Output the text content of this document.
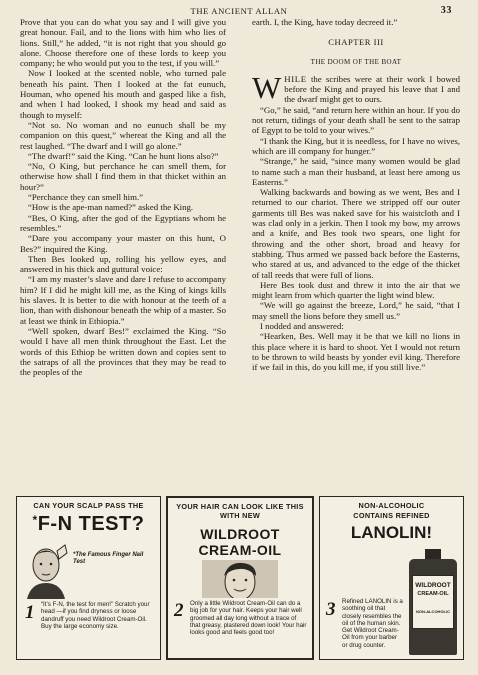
THE ANCIENT ALLAN	33

Prove that you can do what you say and I will give you great honour. Fail, and to the lions with him who lies of lions. Still,” he added, “it is not right that you should go alone. Choose therefore one of these lords to keep you company; he who would put you to the test, if you will.”

Now I looked at the scented noble, who turned pale beneath his paint. Then I looked at the fat eunuch, Houman, who opened his mouth and gasped like a fish, and when I had looked, I shook my head and said as though to myself:

“Not so. No woman and no eunuch shall be my companion on this quest,” whereat the King and all the rest laughed. “The dwarf and I will go alone.”

“The dwarf!” said the King. “Can he hunt lions also?”

“No, O King, but perchance he can smell them, for otherwise how shall I find them in that thicket within an hour?”

“Perchance they can smell him.”

“How is the ape-man named?” asked the King.

“Bes, O King, after the god of the Egyptians whom he resembles.”

“Dare you accompany your master on this hunt, O Bes?” inquired the King.

Then Bes looked up, rolling his yellow eyes, and answered in his thick and guttural voice:

“I am my master’s slave and dare I refuse to accompany him? If I did he might kill me, as the King of kings kills his slaves. It is better to die with honour at the teeth of a lion, than with dishonour beneath the whip of a master. So at least we think in Ethiopia.”

“Well spoken, dwarf Bes!” exclaimed the King. “So would I have all men think throughout the East. Let the words of this Ethiop be written down and copies sent to the satraps of all the provinces that they may be read to the peoples of the

earth. I, the King, have today decreed it.”

CHAPTER III
THE DOOM OF THE BOAT

WHILE the scribes were at their work I bowed before the King and prayed his leave that I and the dwarf might get to ours.

“Go,” he said, “and return here within an hour. If you do not return, tidings of your death shall be sent to the satrap of Egypt to be told to your wives.”

“I thank the King, but it is needless, for I have no wives, which are ill company for hunger.”

“Strange,” he said, “since many women would be glad to name such a man their husband, at least here among us Easterns.”

Walking backwards and bowing as we went, Bes and I returned to our chariot. There we stripped off our outer garments till Bes was naked save for his waistcloth and I was clad only in a jerkin. Then I took my bow, my arrows and a knife, and Bes took two spears, one light for throwing and the other short, broad and heavy for stabbing. Thus armed we passed back before the Easterns, who stared at us, and advanced to the edge of the thicket of tall reeds that were full of lions.

Here Bes took dust and threw it into the air that we might learn from which quarter the light wind blew.

“We will go against the breeze, Lord,” he said, “that I may smell the lions before they smell us.”

I nodded and answered:

“Hearken, Bes. Well may it be that we kill no lions in this place where it is hard to shoot. Yet I would not return to be thrown to wild beasts by yonder evil king. Therefore if we fail in this, do you kill me, if you still live.”

CAN YOUR SCALP PASS THE
*F-N TEST?
*The Famous Finger Nail Test
1 “It’s F-N, the test for men!” Scratch your head —if you find dryness or loose dandruff you need Wildroot Cream-Oil. Buy the large economy size.
YOUR HAIR CAN LOOK LIKE THIS WITH NEW
WILDROOT
CREAM-OIL
2 Only a little Wildroot Cream-Oil can do a big job for your hair. Keeps your hair well groomed all day long without a trace of that greasy, plastered down look! Your hair looks good and feels good too!
NON-ALCOHOLIC
CONTAINS REFINED
LANOLIN!
WILDROOT
CREAM-OIL
NON-ALCOHOLIC
3 Refined LANOLIN is a soothing oil that closely resembles the oil of the human skin. Get Wildroot Cream-Oil from your barber or drug counter.
